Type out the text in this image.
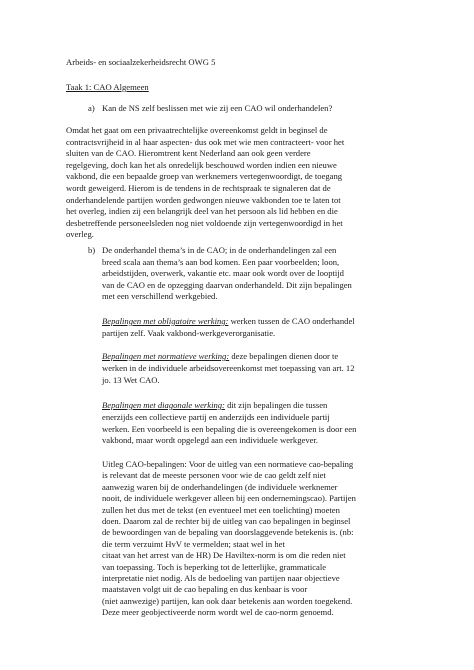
Arbeids- en sociaalzekerheidsrecht OWG 5
Taak 1: CAO Algemeen
a) Kan de NS zelf beslissen met wie zij een CAO wil onderhandelen?
Omdat het gaat om een privaatrechtelijke overeenkomst geldt in beginsel de
contractsvrijheid in al haar aspecten- dus ook met wie men contracteert- voor het
sluiten van de CAO. Hieromtrent kent Nederland aan ook geen verdere
regelgeving, doch kan het als onredelijk beschouwd worden indien een nieuwe
vakbond, die een bepaalde groep van werknemers vertegenwoordigt, de toegang
wordt geweigerd. Hierom is de tendens in de rechtspraak te signaleren dat de
onderhandelende partijen worden gedwongen nieuwe vakbonden toe te laten tot
het overleg, indien zij een belangrijk deel van het persoon als lid hebben en die
desbetreffende personeelsleden nog niet voldoende zijn vertegenwoordigd in het
overleg.
b) De onderhandel thema’s in de CAO; in de onderhandelingen zal een
breed scala aan thema’s aan bod komen. Een paar voorbeelden; loon,
arbeidstijden, overwerk, vakantie etc. maar ook wordt over de looptijd
van de CAO en de opzegging daarvan onderhandeld. Dit zijn bepalingen
met een verschillend werkgebied.
Bepalingen met obligatoire werking: werken tussen de CAO onderhandel
partijen zelf. Vaak vakbond-werkgeverorganisatie.
Bepalingen met normatieve werking: deze bepalingen dienen door te
werken in de individuele arbeidsovereenkomst met toepassing van art. 12
jo. 13 Wet CAO.
Bepalingen met diagonale werking: dit zijn bepalingen die tussen
enerzijds een collectieve partij en anderzijds een individuele partij
werken. Een voorbeeld is een bepaling die is overeengekomen is door een
vakbond, maar wordt opgelegd aan een individuele werkgever.
Uitleg CAO-bepalingen: Voor de uitleg van een normatieve cao-bepaling
is relevant dat de meeste personen voor wie de cao geldt zelf niet
aanwezig waren bij de onderhandelingen (de individuele werknemer
nooit, de individuele werkgever alleen bij een ondernemingscao). Partijen
zullen het dus met de tekst (en eventueel met een toelichting) moeten
doen. Daarom zal de rechter bij de uitleg van cao bepalingen in beginsel
de bewoordingen van de bepaling van doorslaggevende betekenis is. (nb:
die term verzuimt HvV te vermelden; staat wel in het
citaat van het arrest van de HR) De Haviltex-norm is om die reden niet
van toepassing. Toch is beperking tot de letterlijke, grammaticale
interpretatie niet nodig. Als de bedoeling van partijen naar objectieve
maatstaven volgt uit de cao bepaling en dus kenbaar is voor
(niet aanwezige) partijen, kan ook daar betekenis aan worden toegekend.
Deze meer geobjectiveerde norm wordt wel de cao-norm genoemd.
